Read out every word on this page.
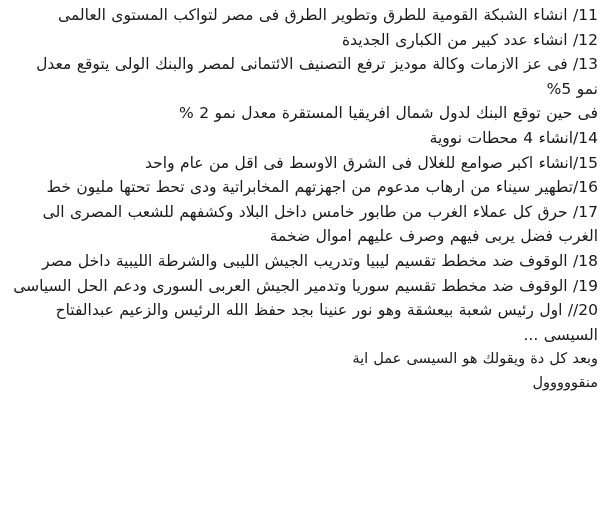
11/ انشاء الشبكة القومية للطرق وتطوير الطرق فى مصر لتواكب المستوى العالمى

12/ انشاء عدد كبير من الكبارى الجديدة

13/ فى عز الازمات وكالة موديز ترفع التصنيف الائتمانى لمصر والبنك الولى يتوقع معدل نمو 5%

فى حين توقع البنك لدول شمال افريقيا المستقرة معدل نمو 2 %

14/انشاء 4 محطات نووية

15/انشاء اكبر صوامع للغلال فى الشرق الاوسط فى اقل من عام واحد

16/تطهير سيناء من ارهاب مدعوم من اجهزتهم المخابراتية ودى تحط تحتها مليون خط

17/ حرق كل عملاء الغرب من طابور خامس داخل البلاد وكشفهم للشعب المصرى الى الغرب فضل يربى فيهم وصرف عليهم اموال ضخمة

18/ الوقوف ضد مخطط تقسيم ليبيا وتدريب الجيش الليبى والشرطة الليبية داخل مصر

19/ الوقوف ضد مخطط تقسيم سوريا وتدمير الجيش العربى السورى ودعم الحل السياسى

20// اول رئيس شعبة بيعشقة وهو نور عنينا بجد حفظ الله الرئيس والزعيم عبدالفتاح السيسى ...

وبعد كل دة ويقولك هو السيسى عمل اية

منقووووول
